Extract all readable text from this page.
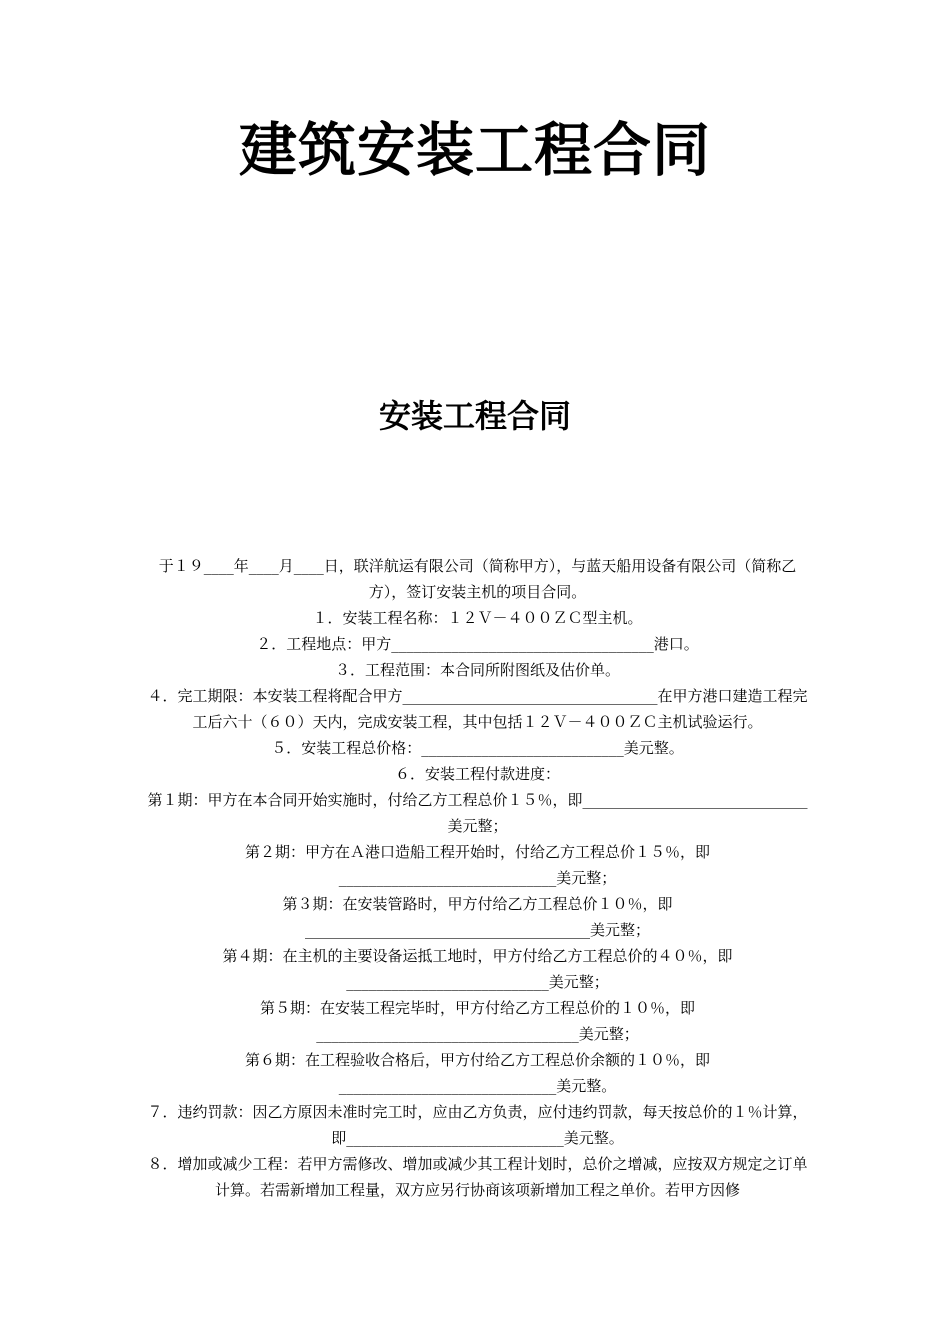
建筑安装工程合同
安装工程合同

于１９____年____月____日，联洋航运有限公司（简称甲方），与蓝天船用设备有限公司（简称乙方），签订安装主机的项目合同。

１．安装工程名称：１２Ｖ－４００ＺＣ型主机。

２．工程地点：甲方___________________________________港口。

３．工程范围：本合同所附图纸及估价单。

４．完工期限：本安装工程将配合甲方__________________________________在甲方港口建造工程完工后六十（６０）天内，完成安装工程，其中包括１２Ｖ－４００ＺＣ主机试验运行。

５．安装工程总价格：___________________________美元整。

６．安装工程付款进度：

第１期：甲方在本合同开始实施时，付给乙方工程总价１５％，即______________________________美元整；

第２期：甲方在Ａ港口造船工程开始时，付给乙方工程总价１５％，即_____________________________美元整；

第３期：在安装管路时，甲方付给乙方工程总价１０％，即______________________________________美元整；

第４期：在主机的主要设备运抵工地时，甲方付给乙方工程总价的４０％，即___________________________美元整；

第５期：在安装工程完毕时，甲方付给乙方工程总价的１０％，即___________________________________美元整；

第６期：在工程验收合格后，甲方付给乙方工程总价余额的１０％，即_____________________________美元整。

７．违约罚款：因乙方原因未准时完工时，应由乙方负责，应付违约罚款，每天按总价的１％计算，即_____________________________美元整。

８．增加或减少工程：若甲方需修改、增加或减少其工程计划时，总价之增减，应按双方规定之订单计算。若需新增加工程量，双方应另行协商该项新增加工程之单价。若甲方因修
